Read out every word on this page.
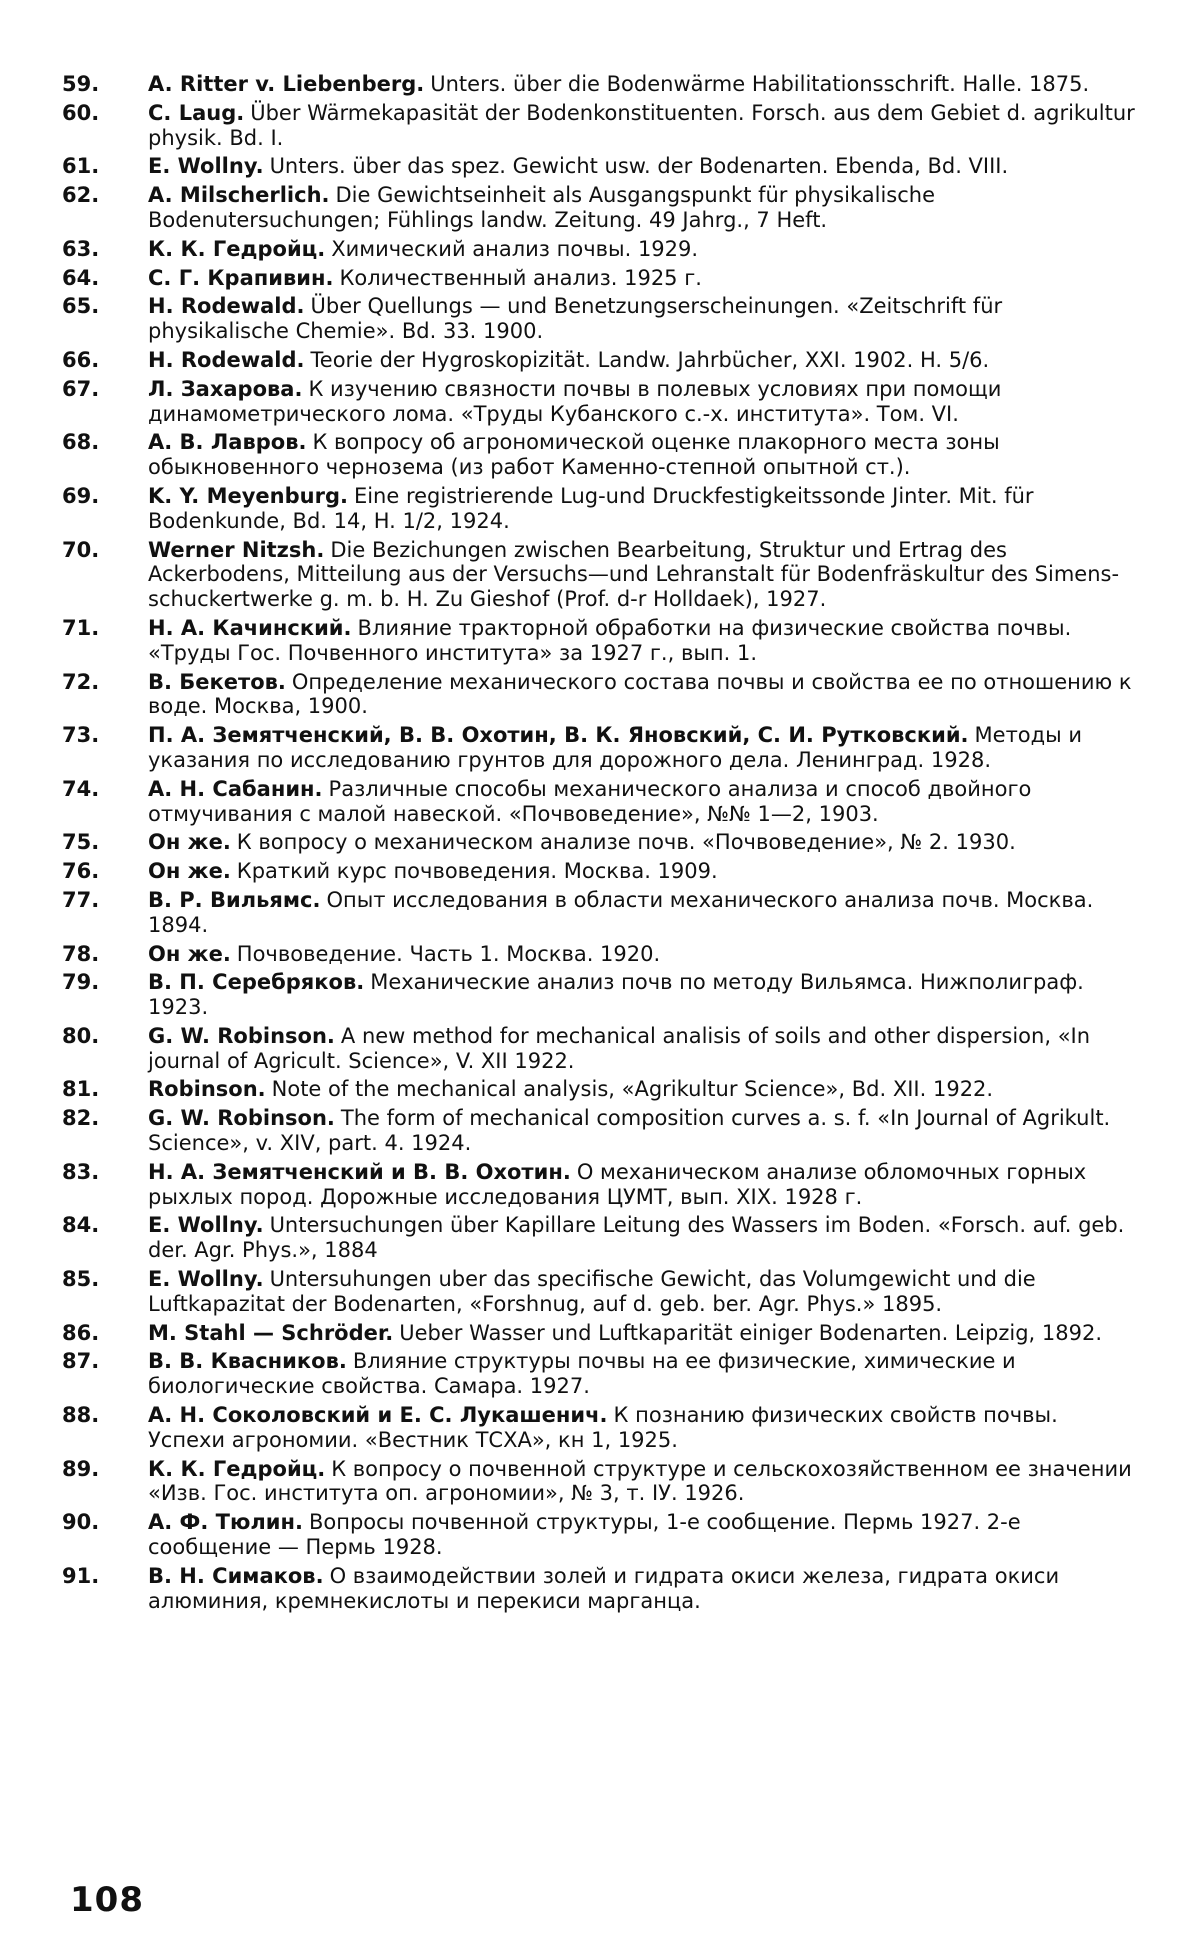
59.	A. Ritter v. Liebenberg. Unters. über die Bodenwärme Habilitationsschrift. Halle. 1875.
60.	C. Laug. Über Wärmekapasität der Bodenkonstituenten. Forsch. aus dem Gebiet d. agrikultur physik. Bd. I.
61.	E. Wollny. Unters. über das spez. Gewicht usw. der Bodenarten. Ebenda, Bd. VIII.
62.	A. Milscherlich. Die Gewichtseinheit als Ausgangspunkt für physikalische Bodenutersuchungen; Fühlings landw. Zeitung. 49 Jahrg., 7 Heft.
63.	К. К. Гедройц. Химический анализ почвы. 1929.
64.	С. Г. Крапивин. Количественный анализ. 1925 г.
65.	H. Rodewald. Über Quellungs — und Benetzungserscheinungen. «Zeitschrift für physikalische Chemie». Bd. 33. 1900.
66.	H. Rodewald. Teorie der Hygroskopizität. Landw. Jahrbücher, XXI. 1902. H. 5/6.
67.	Л. Захарова. К изучению связности почвы в полевых условиях при помощи динамометрического лома. «Труды Кубанского с.-х. института». Том. VI.
68.	А. В. Лавров. К вопросу об агрономической оценке плакорного места зоны обыкновенного чернозема (из работ Каменно-степной опытной ст.).
69.	K. Y. Meyenburg. Eine registrierende Lug-und Druckfestigkeitssonde Jinter. Mit. für Bodenkunde, Bd. 14, H. 1/2, 1924.
70.	Werner Nitzsh. Die Bezichungen zwischen Bearbeitung, Struktur und Ertrag des Ackerbodens, Mitteilung aus der Versuchs—und Lehranstalt für Bodenfräskultur des Simens-schuckertwerke g. m. b. H. Zu Gieshof (Prof. d-r Holldaek), 1927.
71.	Н. А. Качинский. Влияние тракторной обработки на физические свойства почвы. «Труды Гос. Почвенного института» за 1927 г., вып. 1.
72.	В. Бекетов. Определение механического состава почвы и свойства ее по отношению к воде. Москва, 1900.
73.	П. А. Земятченский, В. В. Охотин, В. К. Яновский, С. И. Рутковский. Методы и указания по исследованию грунтов для дорожного дела. Ленинград. 1928.
74.	А. Н. Сабанин. Различные способы механического анализа и способ двойного отмучивания с малой навеской. «Почвоведение», №№ 1—2, 1903.
75.	Он же. К вопросу о механическом анализе почв. «Почвоведение», № 2. 1930.
76.	Он же. Краткий курс почвоведения. Москва. 1909.
77.	В. Р. Вильямс. Опыт исследования в области механического анализа почв. Москва. 1894.
78.	Он же. Почвоведение. Часть 1. Москва. 1920.
79.	В. П. Серебряков. Механические анализ почв по методу Вильямса. Нижполиграф. 1923.
80.	G. W. Robinson. A new method for mechanical analisis of soils and other dispersion, «In journal of Agricult. Science», V. XII 1922.
81.	Robinson. Note of the mechanical analysis, «Agrikultur Science», Bd. XII. 1922.
82.	G. W. Robinson. The form of mechanical composition curves a. s. f. «In Journal of Agrikult. Science», v. XIV, part. 4. 1924.
83.	Н. А. Земятченский и В. В. Охотин. О механическом анализе обломочных горных рыхлых пород. Дорожные исследования ЦУМТ, вып. XIX. 1928 г.
84.	E. Wollny. Untersuchungen über Kapillare Leitung des Wassers im Boden. «Forsch. auf. geb. der. Agr. Phys.», 1884
85.	E. Wollny. Untersuhungen uber das specifische Gewicht, das Volumgewicht und die Luftkapazitat der Bodenarten, «Forshnug, auf d. geb. ber. Agr. Phys.» 1895.
86.	M. Stahl — Schröder. Ueber Wasser und Luftkaparität einiger Bodenarten. Leipzig, 1892.
87.	В. В. Квасников. Влияние структуры почвы на ее физические, химические и биологические свойства. Самара. 1927.
88.	А. Н. Соколовский и Е. С. Лукашенич. К познанию физических свойств почвы. Успехи агрономии. «Вестник ТСХА», кн 1, 1925.
89.	К. К. Гедройц. К вопросу о почвенной структуре и сельскохозяйственном ее значении «Изв. Гос. института оп. агрономии», № 3, т. IУ. 1926.
90.	А. Ф. Тюлин. Вопросы почвенной структуры, 1-е сообщение. Пермь 1927. 2-е сообщение — Пермь 1928.
91.	В. Н. Симаков. О взаимодействии золей и гидрата окиси железа, гидрата окиси алюминия, кремнекислоты и перекиси марганца.
108
